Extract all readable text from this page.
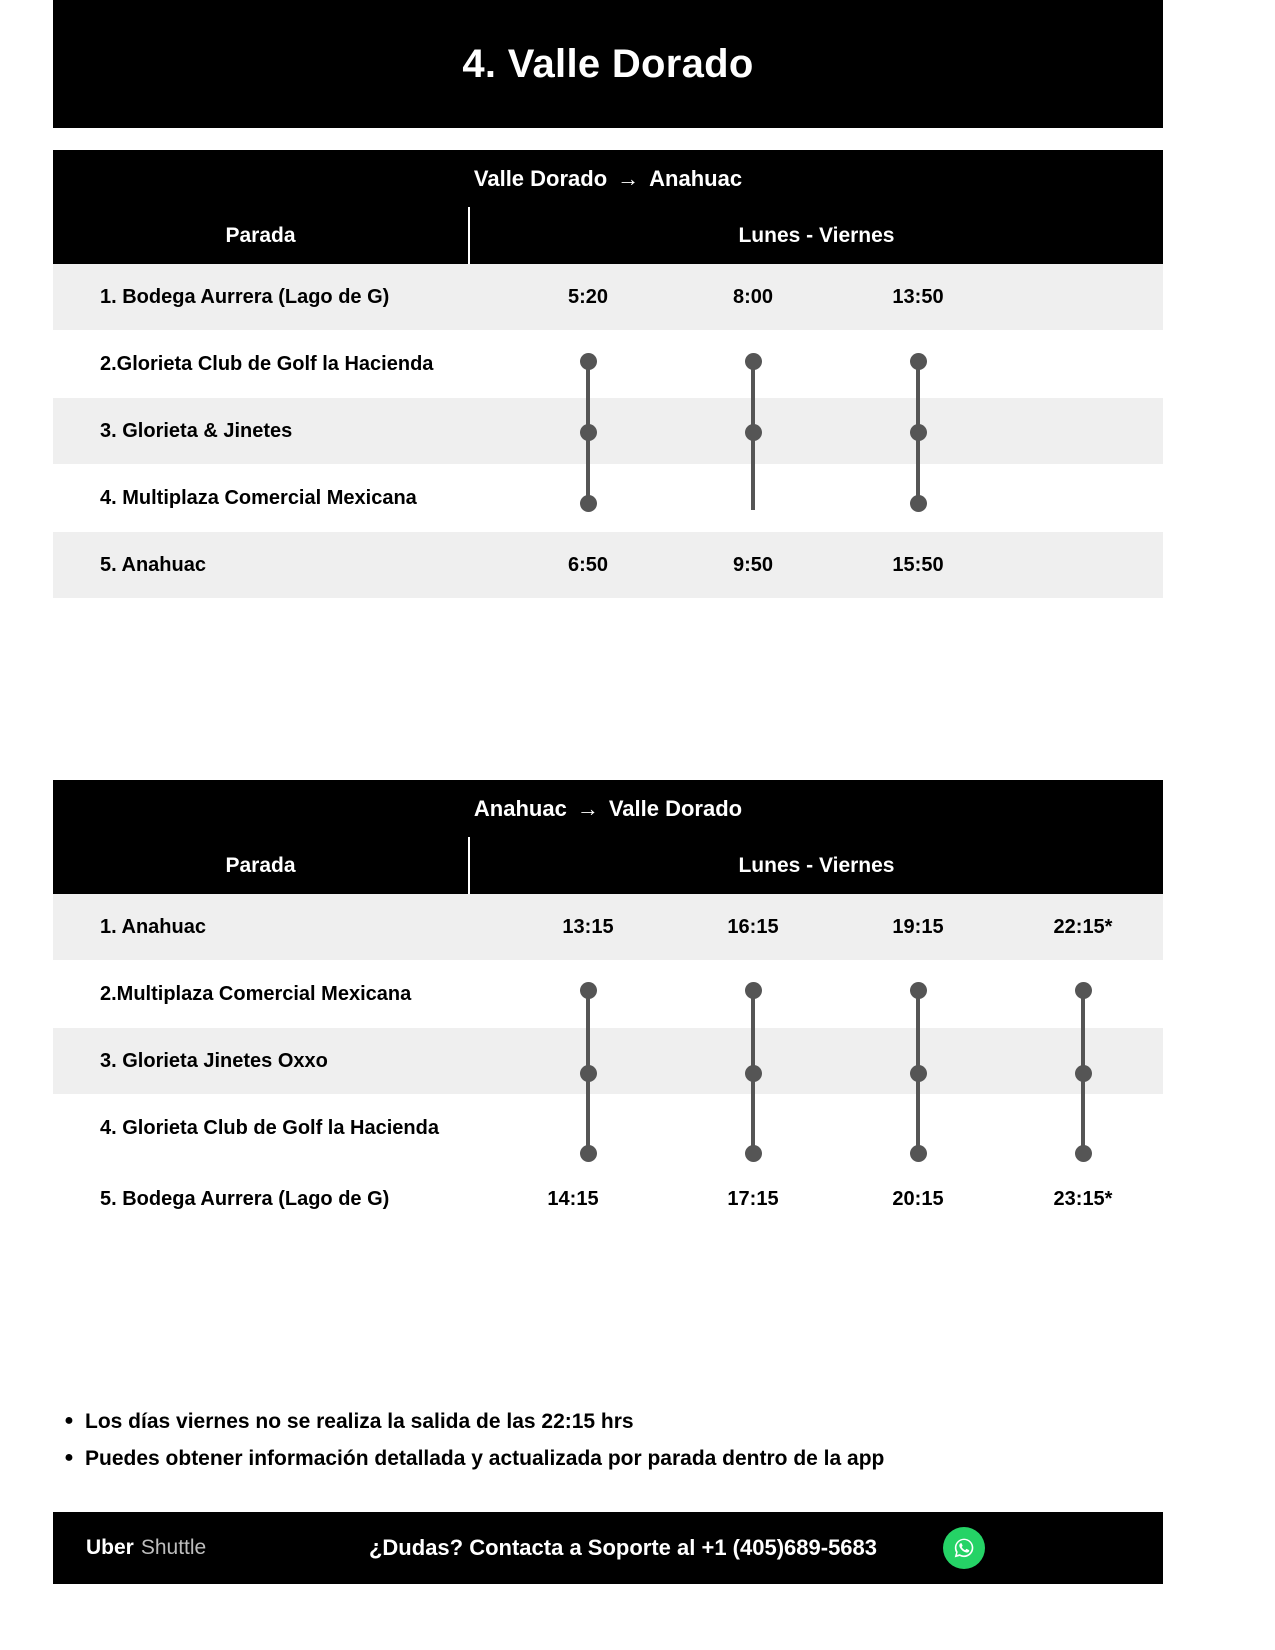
4. Valle Dorado
Valle Dorado → Anahuac
Parada	Lunes - Viernes
1. Bodega Aurrera (Lago de G)	5:20	8:00	13:50
2.Glorieta Club de Golf la Hacienda
3. Glorieta & Jinetes
4. Multiplaza Comercial Mexicana
5. Anahuac	6:50	9:50	15:50
Anahuac → Valle Dorado
Parada	Lunes - Viernes
1. Anahuac	13:15	16:15	19:15	22:15*
2.Multiplaza Comercial Mexicana
3. Glorieta Jinetes Oxxo
4. Glorieta Club de Golf la Hacienda
5. Bodega Aurrera (Lago de G)	14:15	17:15	20:15	23:15*
● Los días viernes no se realiza la salida de las 22:15 hrs
● Puedes obtener información detallada y actualizada por parada dentro de la app
Uber Shuttle	¿Dudas? Contacta a Soporte al +1 (405)689-5683
